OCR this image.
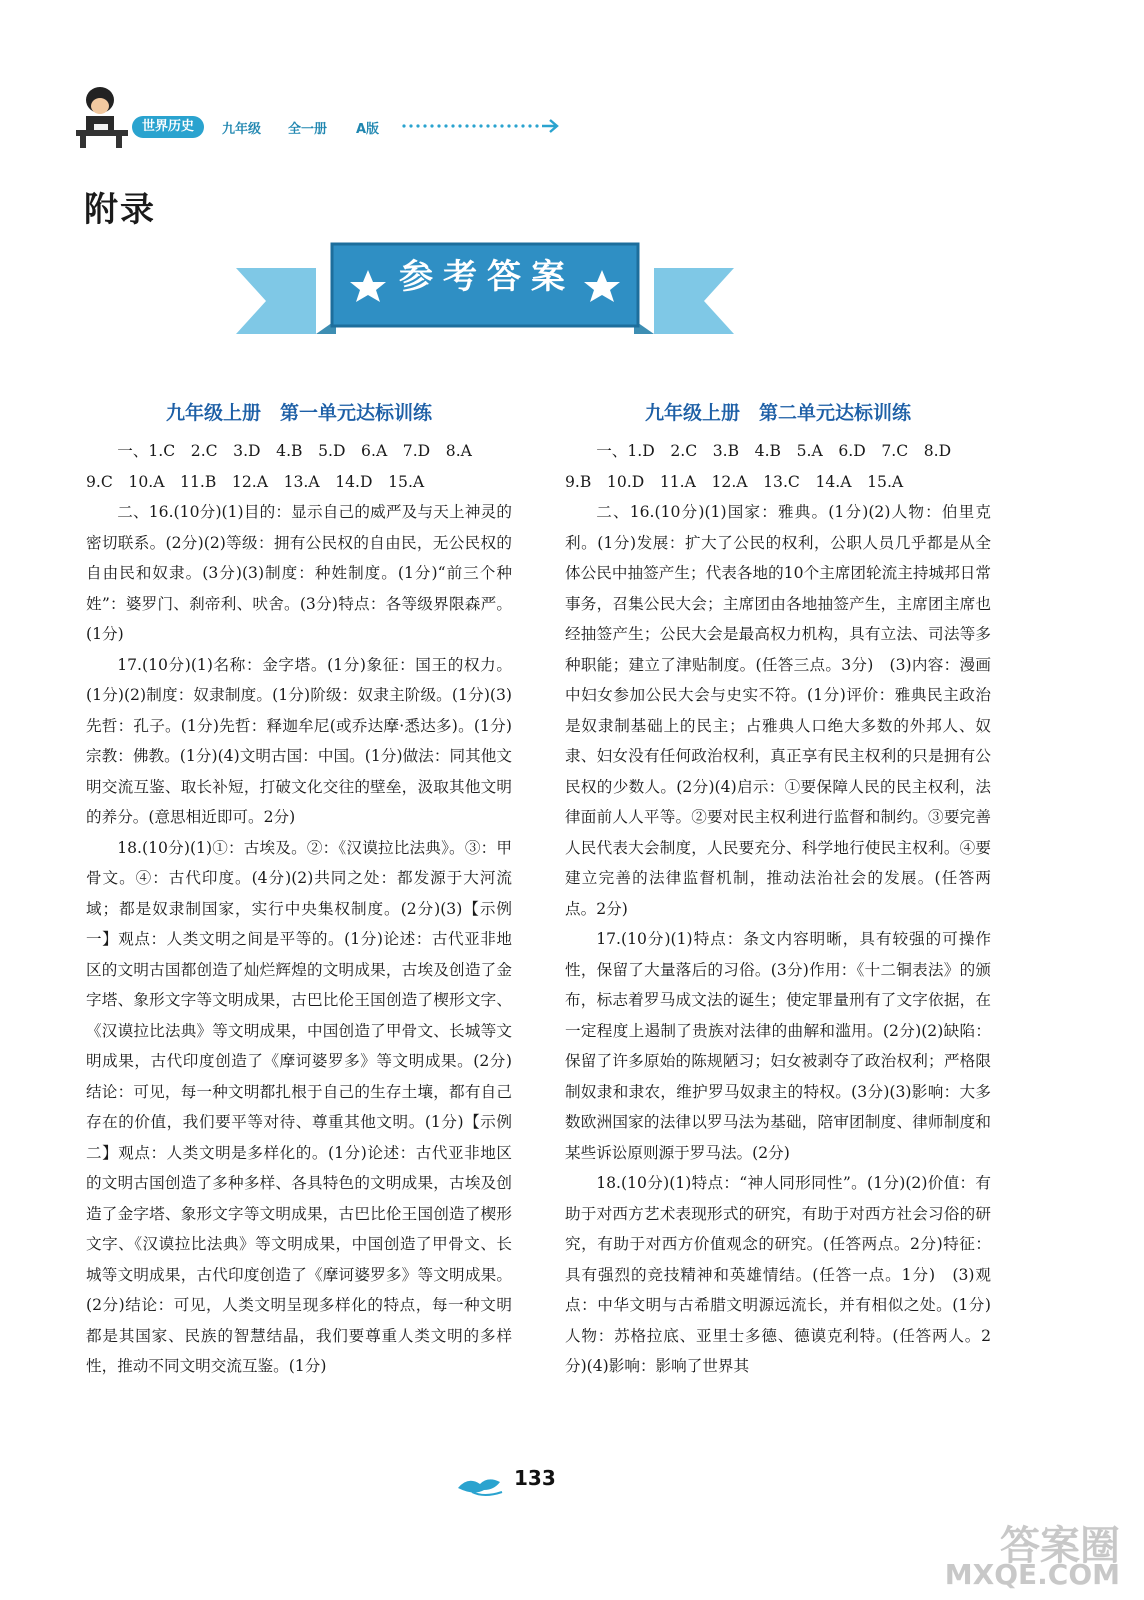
世界历史	九年级 全一册 A版
附录
参考答案
九年级上册　第一单元达标训练

一、1.C　2.C　3.D　4.B　5.D　6.A　7.D　8.A

9.C　10.A　11.B　12.A　13.A　14.D　15.A

二、16.(10分)(1)目的：显示自己的威严及与天上神灵的密切联系。(2分)(2)等级：拥有公民权的自由民，无公民权的自由民和奴隶。(3分)(3)制度：种姓制度。(1分)“前三个种姓”：婆罗门、刹帝利、吠舍。(3分)特点：各等级界限森严。(1分)

17.(10分)(1)名称：金字塔。(1分)象征：国王的权力。(1分)(2)制度：奴隶制度。(1分)阶级：奴隶主阶级。(1分)(3)先哲：孔子。(1分)先哲：释迦牟尼(或乔达摩·悉达多)。(1分)宗教：佛教。(1分)(4)文明古国：中国。(1分)做法：同其他文明交流互鉴、取长补短，打破文化交往的壁垒，汲取其他文明的养分。(意思相近即可。2分)

18.(10分)(1)①：古埃及。②：《汉谟拉比法典》。③：甲骨文。④：古代印度。(4分)(2)共同之处：都发源于大河流域；都是奴隶制国家，实行中央集权制度。(2分)(3)【示例一】观点：人类文明之间是平等的。(1分)论述：古代亚非地区的文明古国都创造了灿烂辉煌的文明成果，古埃及创造了金字塔、象形文字等文明成果，古巴比伦王国创造了楔形文字、《汉谟拉比法典》等文明成果，中国创造了甲骨文、长城等文明成果，古代印度创造了《摩诃婆罗多》等文明成果。(2分)结论：可见，每一种文明都扎根于自己的生存土壤，都有自己存在的价值，我们要平等对待、尊重其他文明。(1分)【示例二】观点：人类文明是多样化的。(1分)论述：古代亚非地区的文明古国创造了多种多样、各具特色的文明成果，古埃及创造了金字塔、象形文字等文明成果，古巴比伦王国创造了楔形文字、《汉谟拉比法典》等文明成果，中国创造了甲骨文、长城等文明成果，古代印度创造了《摩诃婆罗多》等文明成果。(2分)结论：可见，人类文明呈现多样化的特点，每一种文明都是其国家、民族的智慧结晶，我们要尊重人类文明的多样性，推动不同文明交流互鉴。(1分)

九年级上册　第二单元达标训练

一、1.D　2.C　3.B　4.B　5.A　6.D　7.C　8.D

9.B　10.D　11.A　12.A　13.C　14.A　15.A

二、16.(10分)(1)国家：雅典。(1分)(2)人物：伯里克利。(1分)发展：扩大了公民的权利，公职人员几乎都是从全体公民中抽签产生；代表各地的10个主席团轮流主持城邦日常事务，召集公民大会；主席团由各地抽签产生，主席团主席也经抽签产生；公民大会是最高权力机构，具有立法、司法等多种职能；建立了津贴制度。(任答三点。3分)　(3)内容：漫画中妇女参加公民大会与史实不符。(1分)评价：雅典民主政治是奴隶制基础上的民主；占雅典人口绝大多数的外邦人、奴隶、妇女没有任何政治权利，真正享有民主权利的只是拥有公民权的少数人。(2分)(4)启示：①要保障人民的民主权利，法律面前人人平等。②要对民主权利进行监督和制约。③要完善人民代表大会制度，人民要充分、科学地行使民主权利。④要建立完善的法律监督机制，推动法治社会的发展。(任答两点。2分)

17.(10分)(1)特点：条文内容明晰，具有较强的可操作性，保留了大量落后的习俗。(3分)作用：《十二铜表法》的颁布，标志着罗马成文法的诞生；使定罪量刑有了文字依据，在一定程度上遏制了贵族对法律的曲解和滥用。(2分)(2)缺陷：保留了许多原始的陈规陋习；妇女被剥夺了政治权利；严格限制奴隶和隶农，维护罗马奴隶主的特权。(3分)(3)影响：大多数欧洲国家的法律以罗马法为基础，陪审团制度、律师制度和某些诉讼原则源于罗马法。(2分)

18.(10分)(1)特点：“神人同形同性”。(1分)(2)价值：有助于对西方艺术表现形式的研究，有助于对西方社会习俗的研究，有助于对西方价值观念的研究。(任答两点。2分)特征：具有强烈的竞技精神和英雄情结。(任答一点。1分)　(3)观点：中华文明与古希腊文明源远流长，并有相似之处。(1分)人物：苏格拉底、亚里士多德、德谟克利特。(任答两人。2分)(4)影响：影响了世界其

133
答案圈
MXQE.COM
